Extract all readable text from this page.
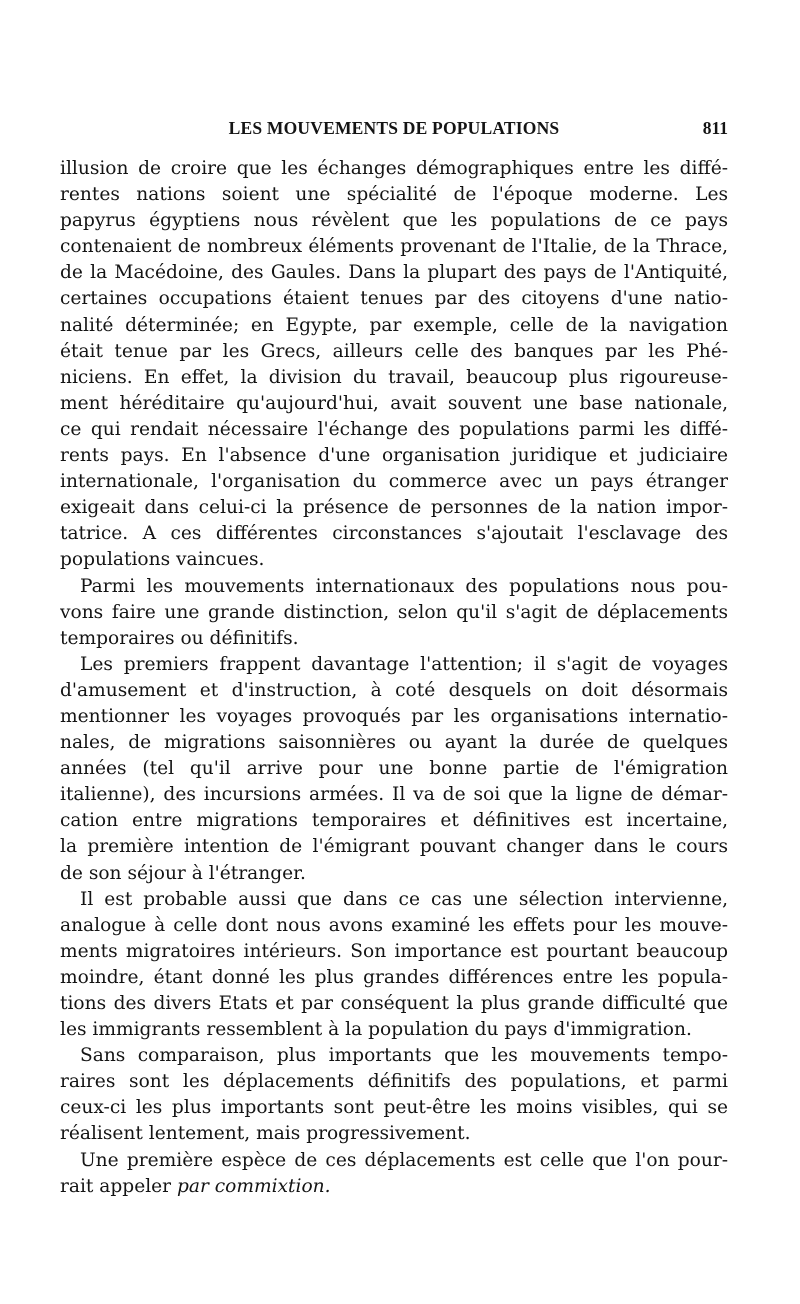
LES MOUVEMENTS DE POPULATIONS	811

illusion de croire que les échanges démographiques entre les diffé-
rentes nations soient une spécialité de l'époque moderne. Les
papyrus égyptiens nous révèlent que les populations de ce pays
contenaient de nombreux éléments provenant de l'Italie, de la Thrace,
de la Macédoine, des Gaules. Dans la plupart des pays de l'Antiquité,
certaines occupations étaient tenues par des citoyens d'une natio-
nalité déterminée; en Egypte, par exemple, celle de la navigation
était tenue par les Grecs, ailleurs celle des banques par les Phé-
niciens. En effet, la division du travail, beaucoup plus rigoureuse-
ment héréditaire qu'aujourd'hui, avait souvent une base nationale,
ce qui rendait nécessaire l'échange des populations parmi les diffé-
rents pays. En l'absence d'une organisation juridique et judiciaire
internationale, l'organisation du commerce avec un pays étranger
exigeait dans celui-ci la présence de personnes de la nation impor-
tatrice. A ces différentes circonstances s'ajoutait l'esclavage des
populations vaincues.

Parmi les mouvements internationaux des populations nous pou-
vons faire une grande distinction, selon qu'il s'agit de déplacements
temporaires ou définitifs.

Les premiers frappent davantage l'attention; il s'agit de voyages
d'amusement et d'instruction, à coté desquels on doit désormais
mentionner les voyages provoqués par les organisations internatio-
nales, de migrations saisonnières ou ayant la durée de quelques
années (tel qu'il arrive pour une bonne partie de l'émigration
italienne), des incursions armées. Il va de soi que la ligne de démar-
cation entre migrations temporaires et définitives est incertaine,
la première intention de l'émigrant pouvant changer dans le cours
de son séjour à l'étranger.

Il est probable aussi que dans ce cas une sélection intervienne,
analogue à celle dont nous avons examiné les effets pour les mouve-
ments migratoires intérieurs. Son importance est pourtant beaucoup
moindre, étant donné les plus grandes différences entre les popula-
tions des divers Etats et par conséquent la plus grande difficulté que
les immigrants ressemblent à la population du pays d'immigration.

Sans comparaison, plus importants que les mouvements tempo-
raires sont les déplacements définitifs des populations, et parmi
ceux-ci les plus importants sont peut-être les moins visibles, qui se
réalisent lentement, mais progressivement.

Une première espèce de ces déplacements est celle que l'on pour-
rait appeler par commixtion.
